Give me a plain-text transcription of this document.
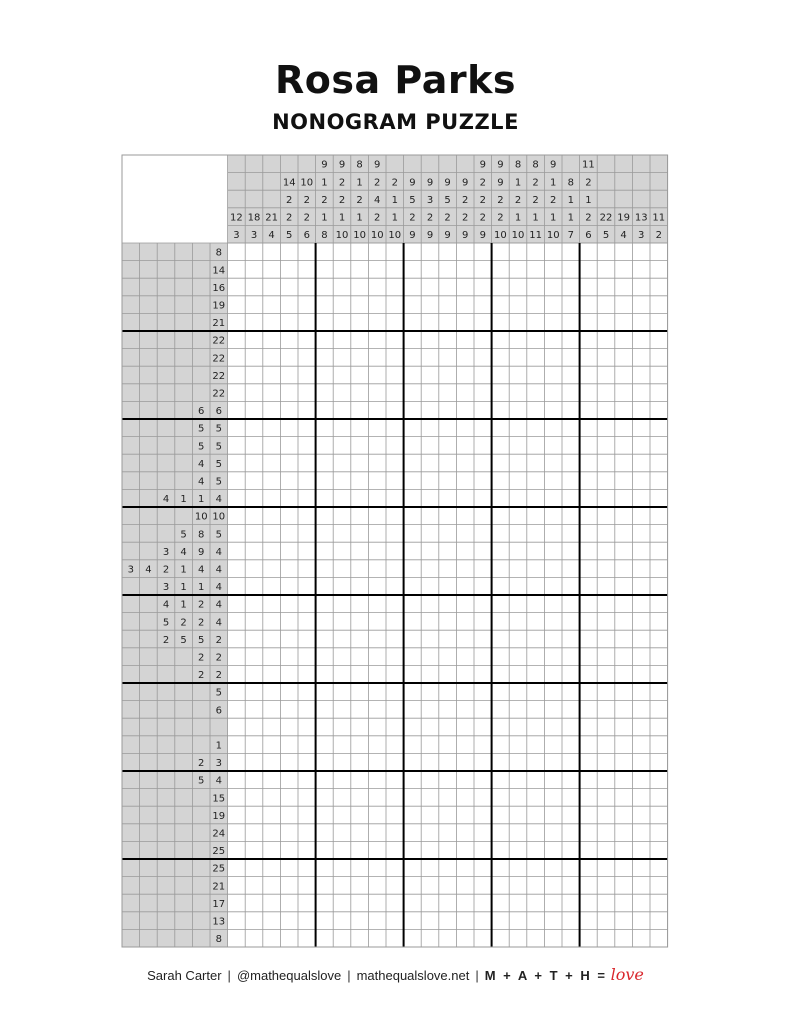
Rosa Parks
NONOGRAM PUZZLE
12
3
18
3
21
4
14
2
2
5
10
2
2
6
9
1
2
1
8
9
2
2
1
10
8
1
2
1
10
9
2
4
2
10
2
1
1
10
9
5
2
9
9
3
2
9
9
5
2
9
9
2
2
9
9
2
2
2
9
9
9
2
2
10
8
1
2
1
10
8
2
2
1
11
9
1
2
1
10
8
1
1
7
11
2
1
2
6
22
5
19
4
13
3
11
2
8
14
16
19
21
22
22
22
22
6 6
5 5
5 5
4 5
4 5
4 1 1 4
10 10
5 8 5
3 4 9 4
3 4 2 1 4 4
3 1 1 4
4 1 2 4
5 2 2 4
2 5 5 2
2 2
2 2
5
6
1
2 3
5 4
15
19
24
25
25
21
17
13
8
Sarah Carter | @mathequalslove | mathequalslove.net | M + A + T + H = love
